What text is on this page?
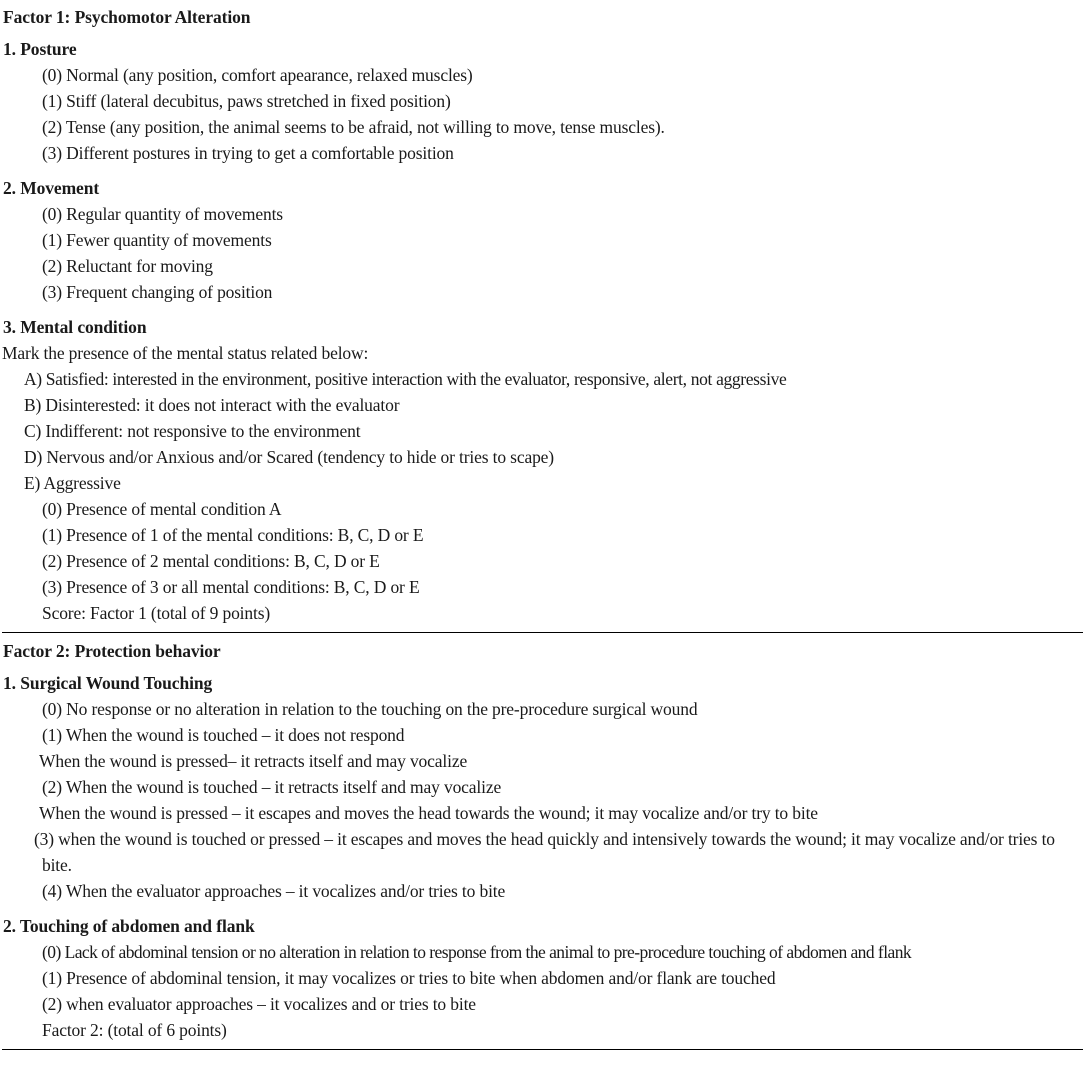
Factor 1: Psychomotor Alteration
1. Posture
(0) Normal (any position, comfort apearance, relaxed muscles)
(1) Stiff (lateral decubitus, paws stretched in fixed position)
(2) Tense (any position, the animal seems to be afraid, not willing to move, tense muscles).
(3) Different postures in trying to get a comfortable position
2. Movement
(0) Regular quantity of movements
(1) Fewer quantity of movements
(2) Reluctant for moving
(3) Frequent changing of position
3. Mental condition
Mark the presence of the mental status related below:
A) Satisfied: interested in the environment, positive interaction with the evaluator, responsive, alert, not aggressive
B) Disinterested: it does not interact with the evaluator
C) Indifferent: not responsive to the environment
D) Nervous and/or Anxious and/or Scared (tendency to hide or tries to scape)
E) Aggressive
(0) Presence of mental condition A
(1) Presence of 1 of the mental conditions: B, C, D or E
(2) Presence of 2 mental conditions: B, C, D or E
(3) Presence of 3 or all mental conditions: B, C, D or E
Score: Factor 1 (total of 9 points)
Factor 2: Protection behavior
1. Surgical Wound Touching
(0) No response or no alteration in relation to the touching on the pre-procedure surgical wound
(1) When the wound is touched – it does not respond
When the wound is pressed– it retracts itself and may vocalize
(2) When the wound is touched – it retracts itself and may vocalize
When the wound is pressed – it escapes and moves the head towards the wound; it may vocalize and/or try to bite
(3) when the wound is touched or pressed – it escapes and moves the head quickly and intensively towards the wound; it may vocalize and/or tries to bite.
(4) When the evaluator approaches – it vocalizes and/or tries to bite
2. Touching of abdomen and flank
(0) Lack of abdominal tension or no alteration in relation to response from the animal to pre-procedure touching of abdomen and flank
(1) Presence of abdominal tension, it may vocalizes or tries to bite when abdomen and/or flank are touched
(2) when evaluator approaches – it vocalizes and or tries to bite
Factor 2: (total of 6 points)
